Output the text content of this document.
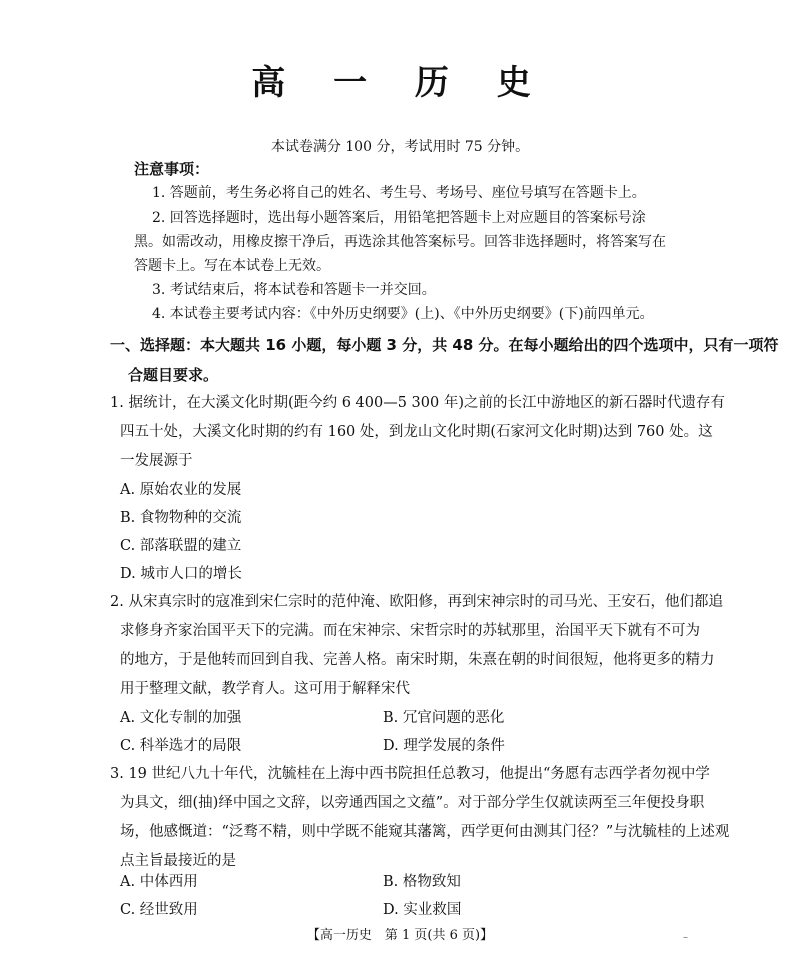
高 一 历 史
本试卷满分 100 分，考试用时 75 分钟。
注意事项：
1. 答题前，考生务必将自己的姓名、考生号、考场号、座位号填写在答题卡上。
2. 回答选择题时，选出每小题答案后，用铅笔把答题卡上对应题目的答案标号涂
黑。如需改动，用橡皮擦干净后，再选涂其他答案标号。回答非选择题时，将答案写在
答题卡上。写在本试卷上无效。
3. 考试结束后，将本试卷和答题卡一并交回。
4. 本试卷主要考试内容：《中外历史纲要》(上)、《中外历史纲要》(下)前四单元。
一、选择题：本大题共 16 小题，每小题 3 分，共 48 分。在每小题给出的四个选项中，只有一项符
合题目要求。
1. 据统计，在大溪文化时期(距今约 6 400—5 300 年)之前的长江中游地区的新石器时代遗存有
四五十处，大溪文化时期的约有 160 处，到龙山文化时期(石家河文化时期)达到 760 处。这
一发展源于
A. 原始农业的发展
B. 食物物种的交流
C. 部落联盟的建立
D. 城市人口的增长
2. 从宋真宗时的寇准到宋仁宗时的范仲淹、欧阳修，再到宋神宗时的司马光、王安石，他们都追
求修身齐家治国平天下的完满。而在宋神宗、宋哲宗时的苏轼那里，治国平天下就有不可为
的地方，于是他转而回到自我、完善人格。南宋时期，朱熹在朝的时间很短，他将更多的精力
用于整理文献，教学育人。这可用于解释宋代
A. 文化专制的加强	B. 冗官问题的恶化
C. 科举选才的局限	D. 理学发展的条件
3. 19 世纪八九十年代，沈毓桂在上海中西书院担任总教习，他提出“务愿有志西学者勿视中学
为具文，细(抽)绎中国之文辞，以旁通西国之文蕴”。对于部分学生仅就读两至三年便投身职
场，他感慨道：“泛骛不精，则中学既不能窥其藩篱，西学更何由测其门径？”与沈毓桂的上述观
点主旨最接近的是
A. 中体西用	B. 格物致知
C. 经世致用	D. 实业救国
【高一历史　第 1 页(共 6 页)】	–
